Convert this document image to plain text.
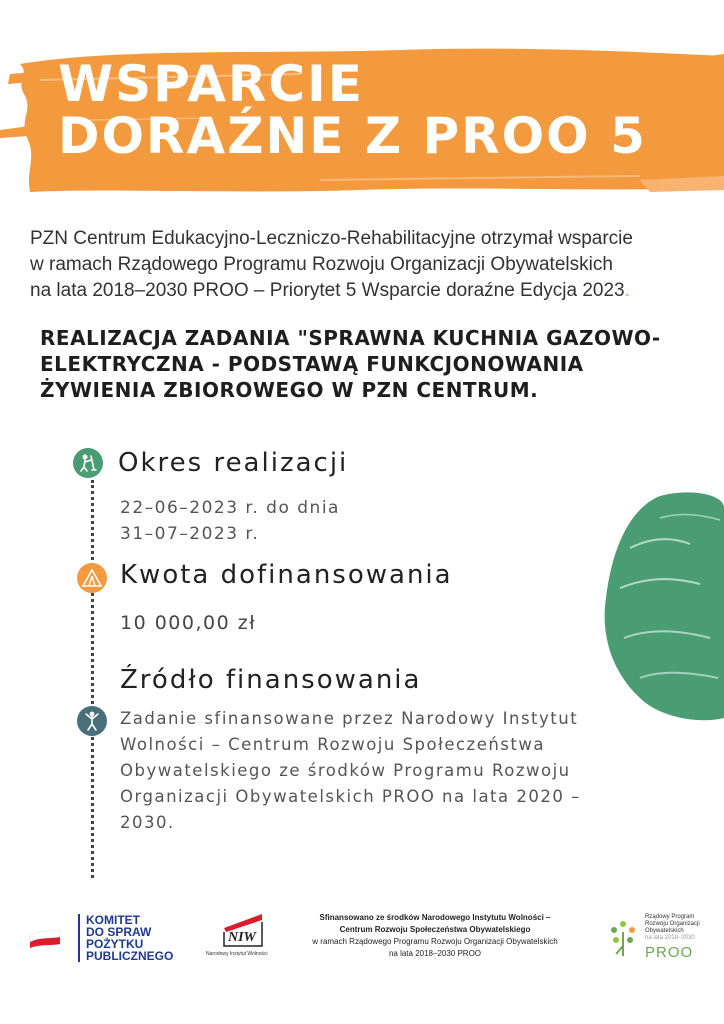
WSPARCIE
DORAŹNE Z PROO 5
PZN Centrum Edukacyjno-Leczniczo-Rehabilitacyjne otrzymał wsparcie
w ramach Rządowego Programu Rozwoju Organizacji Obywatelskich
na lata 2018–2030 PROO – Priorytet 5 Wsparcie doraźne Edycja 2023.
REALIZACJA ZADANIA "SPRAWNA KUCHNIA GAZOWO-
ELEKTRYCZNA - PODSTAWĄ FUNKCJONOWANIA
ŻYWIENIA ZBIOROWEGO W PZN CENTRUM.
Okres realizacji
22–06–2023 r. do dnia
31–07–2023 r.
Kwota dofinansowania
10 000,00 zł
Źródło finansowania
Zadanie sfinansowane przez Narodowy Instytut
Wolności – Centrum Rozwoju Społeczeństwa
Obywatelskiego ze środków Programu Rozwoju
Organizacji Obywatelskich PROO na lata 2020 –
2030.
KOMITET
DO SPRAW
POŻYTKU
PUBLICZNEGO
NIW
Narodowy Instytut Wolności
Sfinansowano ze środków Narodowego Instytutu Wolności –
Centrum Rozwoju Społeczeństwa Obywatelskiego
w ramach Rządowego Programu Rozwoju Organizacji Obywatelskich
na lata 2018–2030 PROO
Rządowy Program
Rozwoju Organizacji
Obywatelskich
na lata 2018–2030
PROO
